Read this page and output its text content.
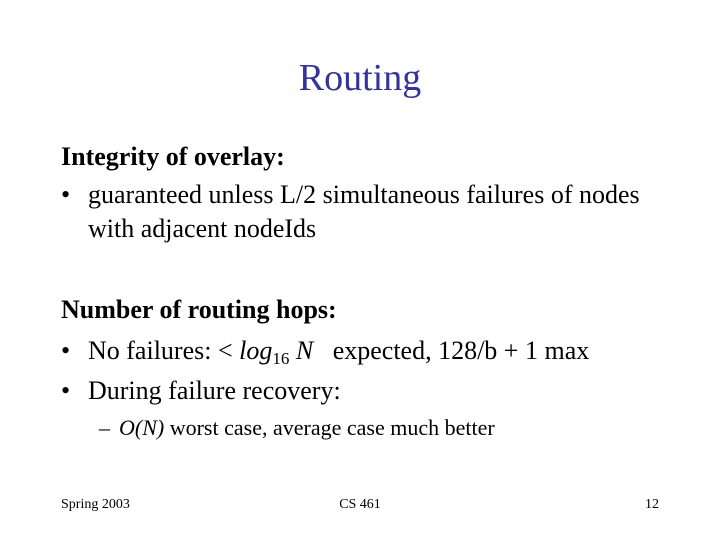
Routing
Integrity of overlay:
• guaranteed unless L/2 simultaneous failures of nodes with adjacent nodeIds
Number of routing hops:
• No failures: < $\log_{16} N$   expected, 128/b + 1 max
• During failure recovery:
– O(N) worst case, average case much better
Spring 2003	CS 461	12
